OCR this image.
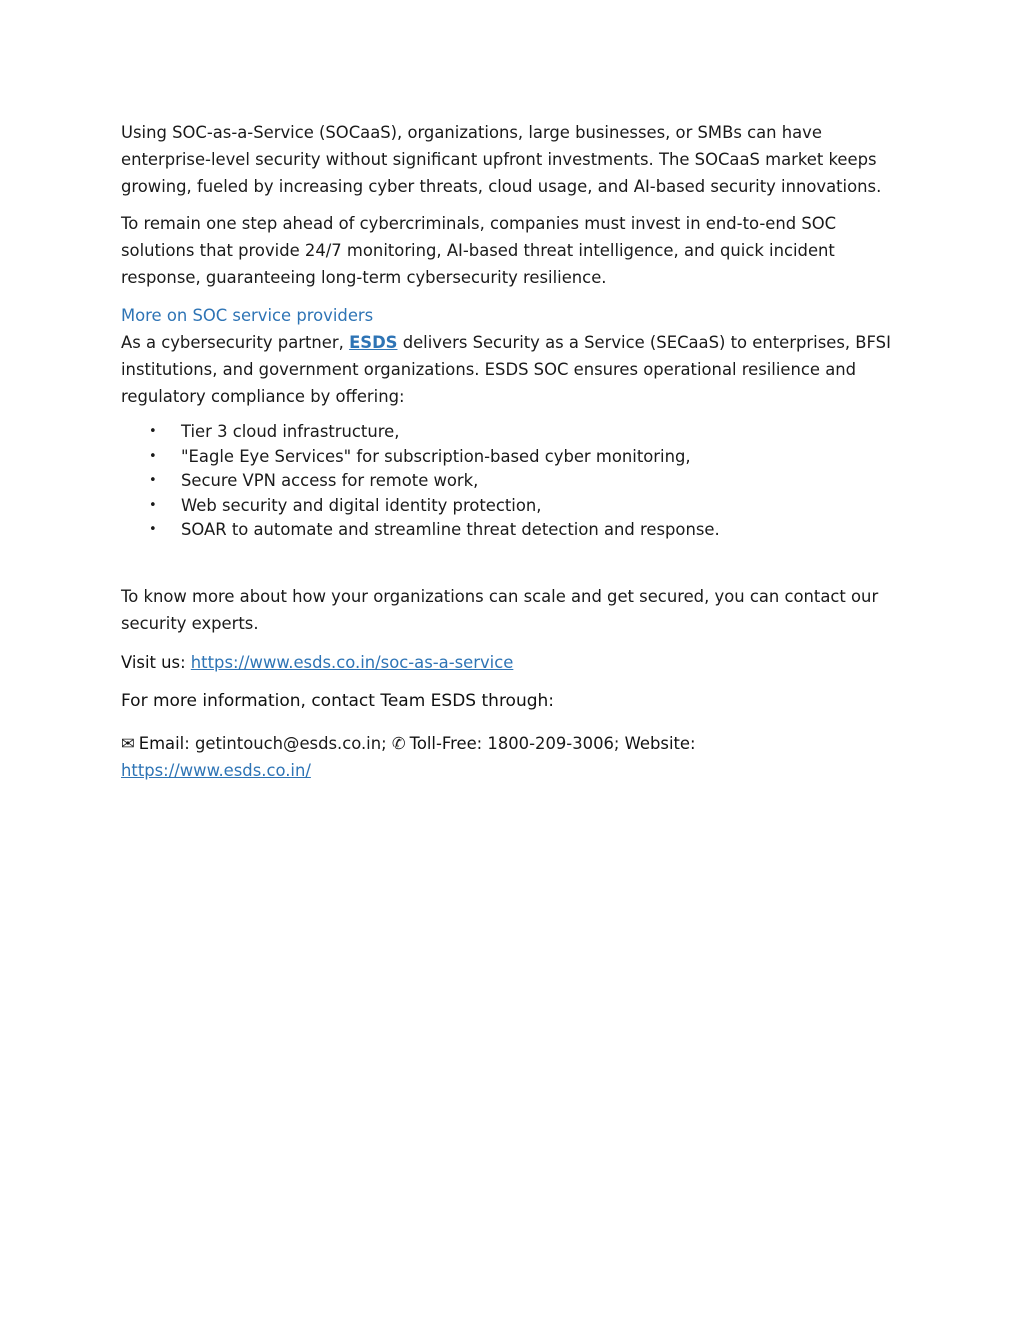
Using SOC-as-a-Service (SOCaaS), organizations, large businesses, or SMBs can have enterprise-level security without significant upfront investments. The SOCaaS market keeps growing, fueled by increasing cyber threats, cloud usage, and AI-based security innovations.

To remain one step ahead of cybercriminals, companies must invest in end-to-end SOC solutions that provide 24/7 monitoring, AI-based threat intelligence, and quick incident response, guaranteeing long-term cybersecurity resilience.

More on SOC service providers

As a cybersecurity partner, ESDS delivers Security as a Service (SECaaS) to enterprises, BFSI institutions, and government organizations. ESDS SOC ensures operational resilience and regulatory compliance by offering:

• Tier 3 cloud infrastructure,
• "Eagle Eye Services" for subscription-based cyber monitoring,
• Secure VPN access for remote work,
• Web security and digital identity protection,
• SOAR to automate and streamline threat detection and response.

To know more about how your organizations can scale and get secured, you can contact our security experts.

Visit us: https://www.esds.co.in/soc-as-a-service

For more information, contact Team ESDS through:

✉ Email: getintouch@esds.co.in; ✆ Toll-Free: 1800-209-3006; Website:
https://www.esds.co.in/
